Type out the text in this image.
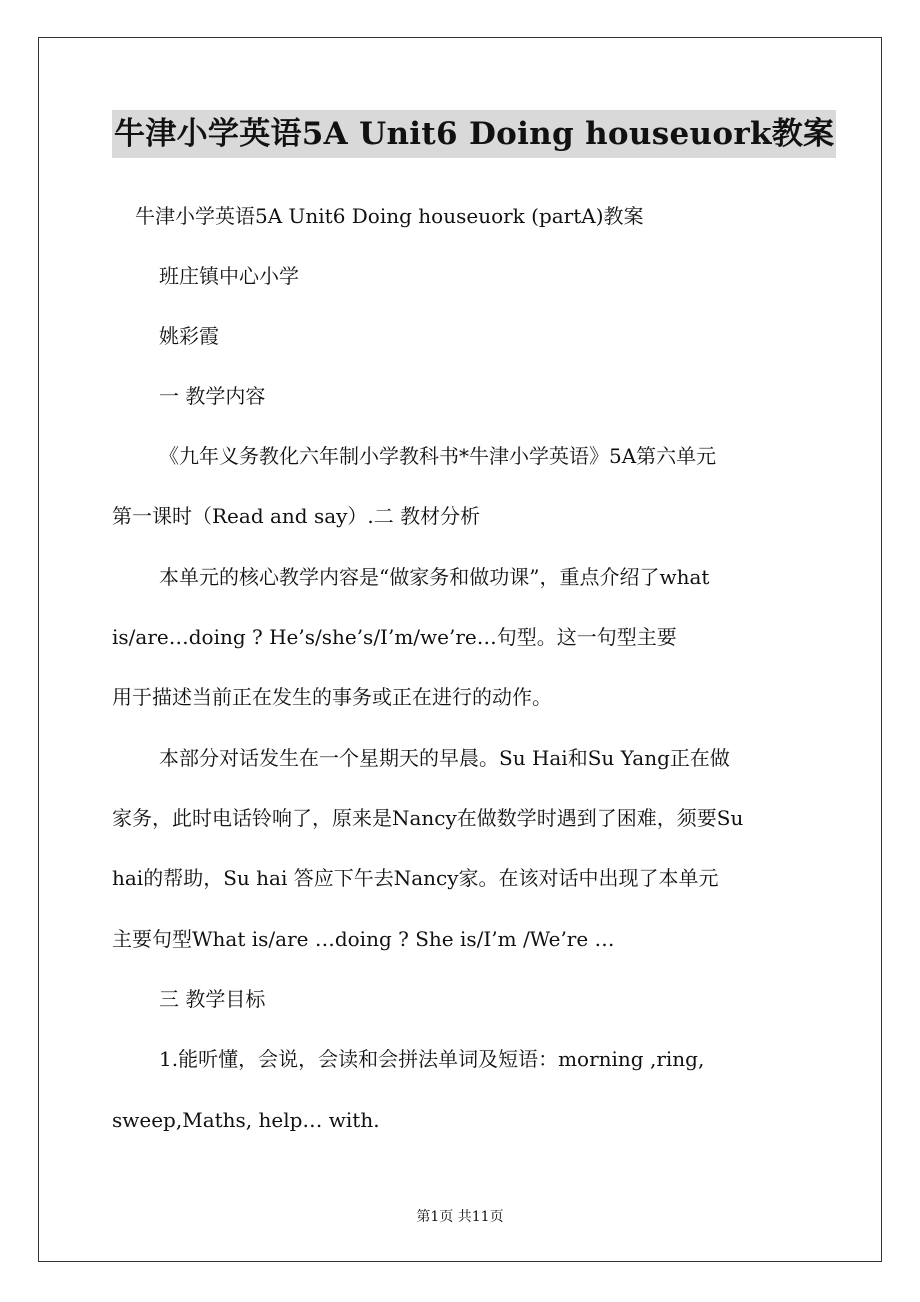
牛津小学英语5A Unit6 Doing houseuork教案
牛津小学英语5A Unit6 Doing houseuork (partA)教案
班庄镇中心小学
姚彩霞
一 教学内容
《九年义务教化六年制小学教科书*牛津小学英语》5A第六单元
第一课时（Read and say）.二 教材分析
本单元的核心教学内容是“做家务和做功课”，重点介绍了what
is/are…doing ? He’s/she’s/I’m/we’re…句型。这一句型主要
用于描述当前正在发生的事务或正在进行的动作。
本部分对话发生在一个星期天的早晨。Su Hai和Su Yang正在做
家务，此时电话铃响了，原来是Nancy在做数学时遇到了困难，须要Su
hai的帮助，Su hai 答应下午去Nancy家。在该对话中出现了本单元
主要句型What is/are …doing ? She is/I’m /We’re …
三 教学目标
1.能听懂，会说，会读和会拼法单词及短语：morning ,ring,
sweep,Maths, help… with.
第1页 共11页
